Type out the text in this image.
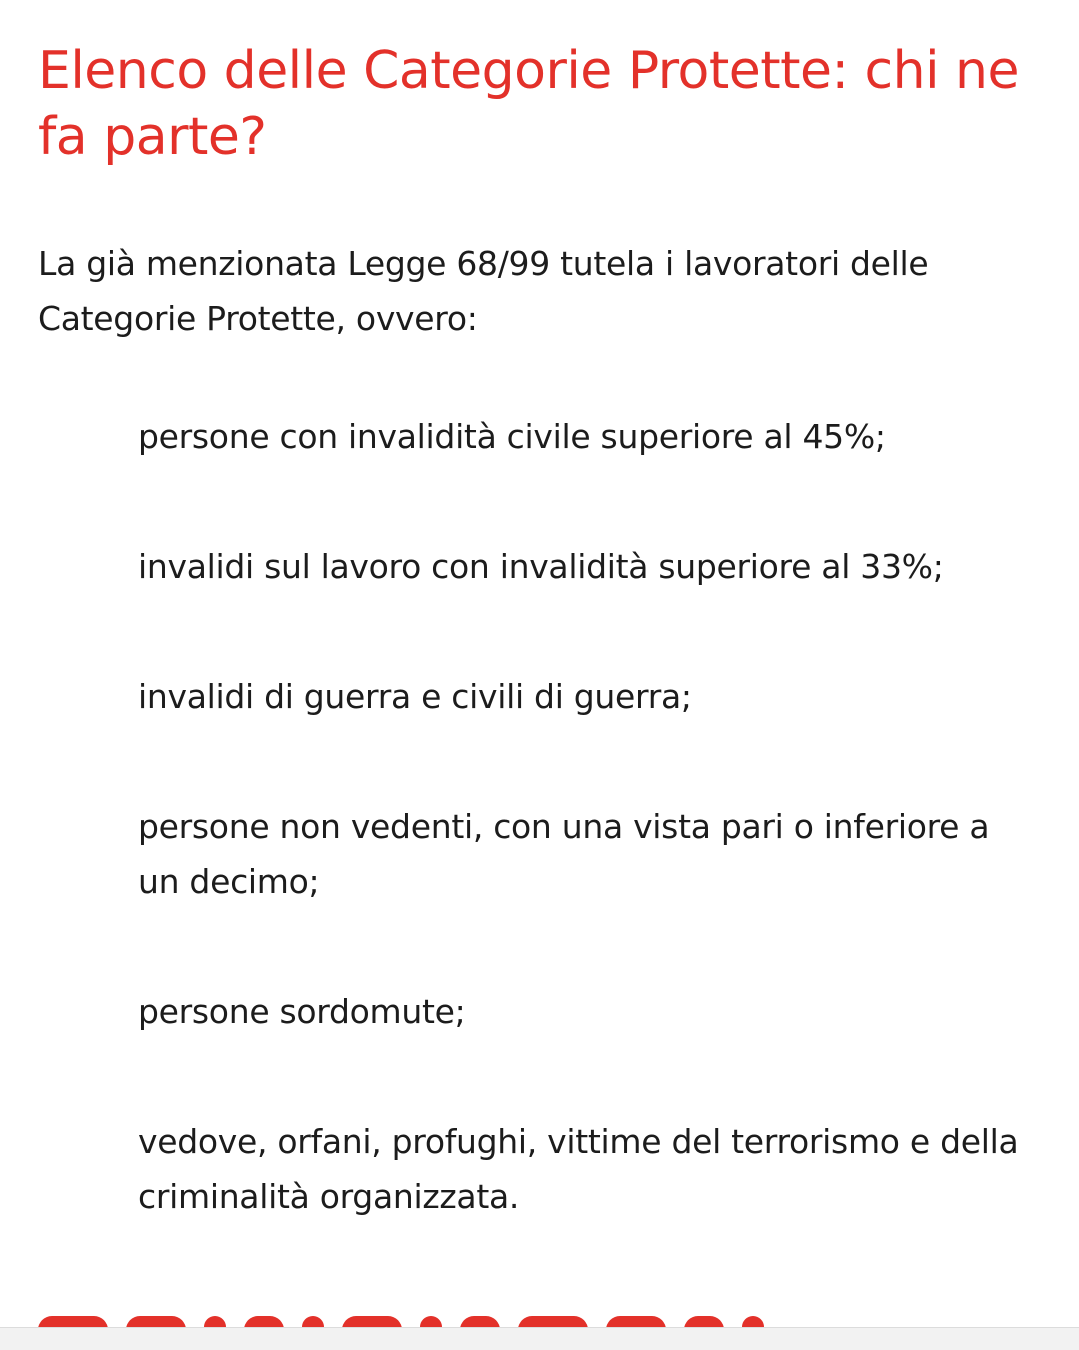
Elenco delle Categorie Protette: chi ne fa parte?

La già menzionata Legge 68/99 tutela i lavoratori delle Categorie Protette, ovvero:

persone con invalidità civile superiore al 45%;
invalidi sul lavoro con invalidità superiore al 33%;
invalidi di guerra e civili di guerra;
persone non vedenti, con una vista pari o inferiore a un decimo;
persone sordomute;
vedove, orfani, profughi, vittime del terrorismo e della criminalità organizzata.
